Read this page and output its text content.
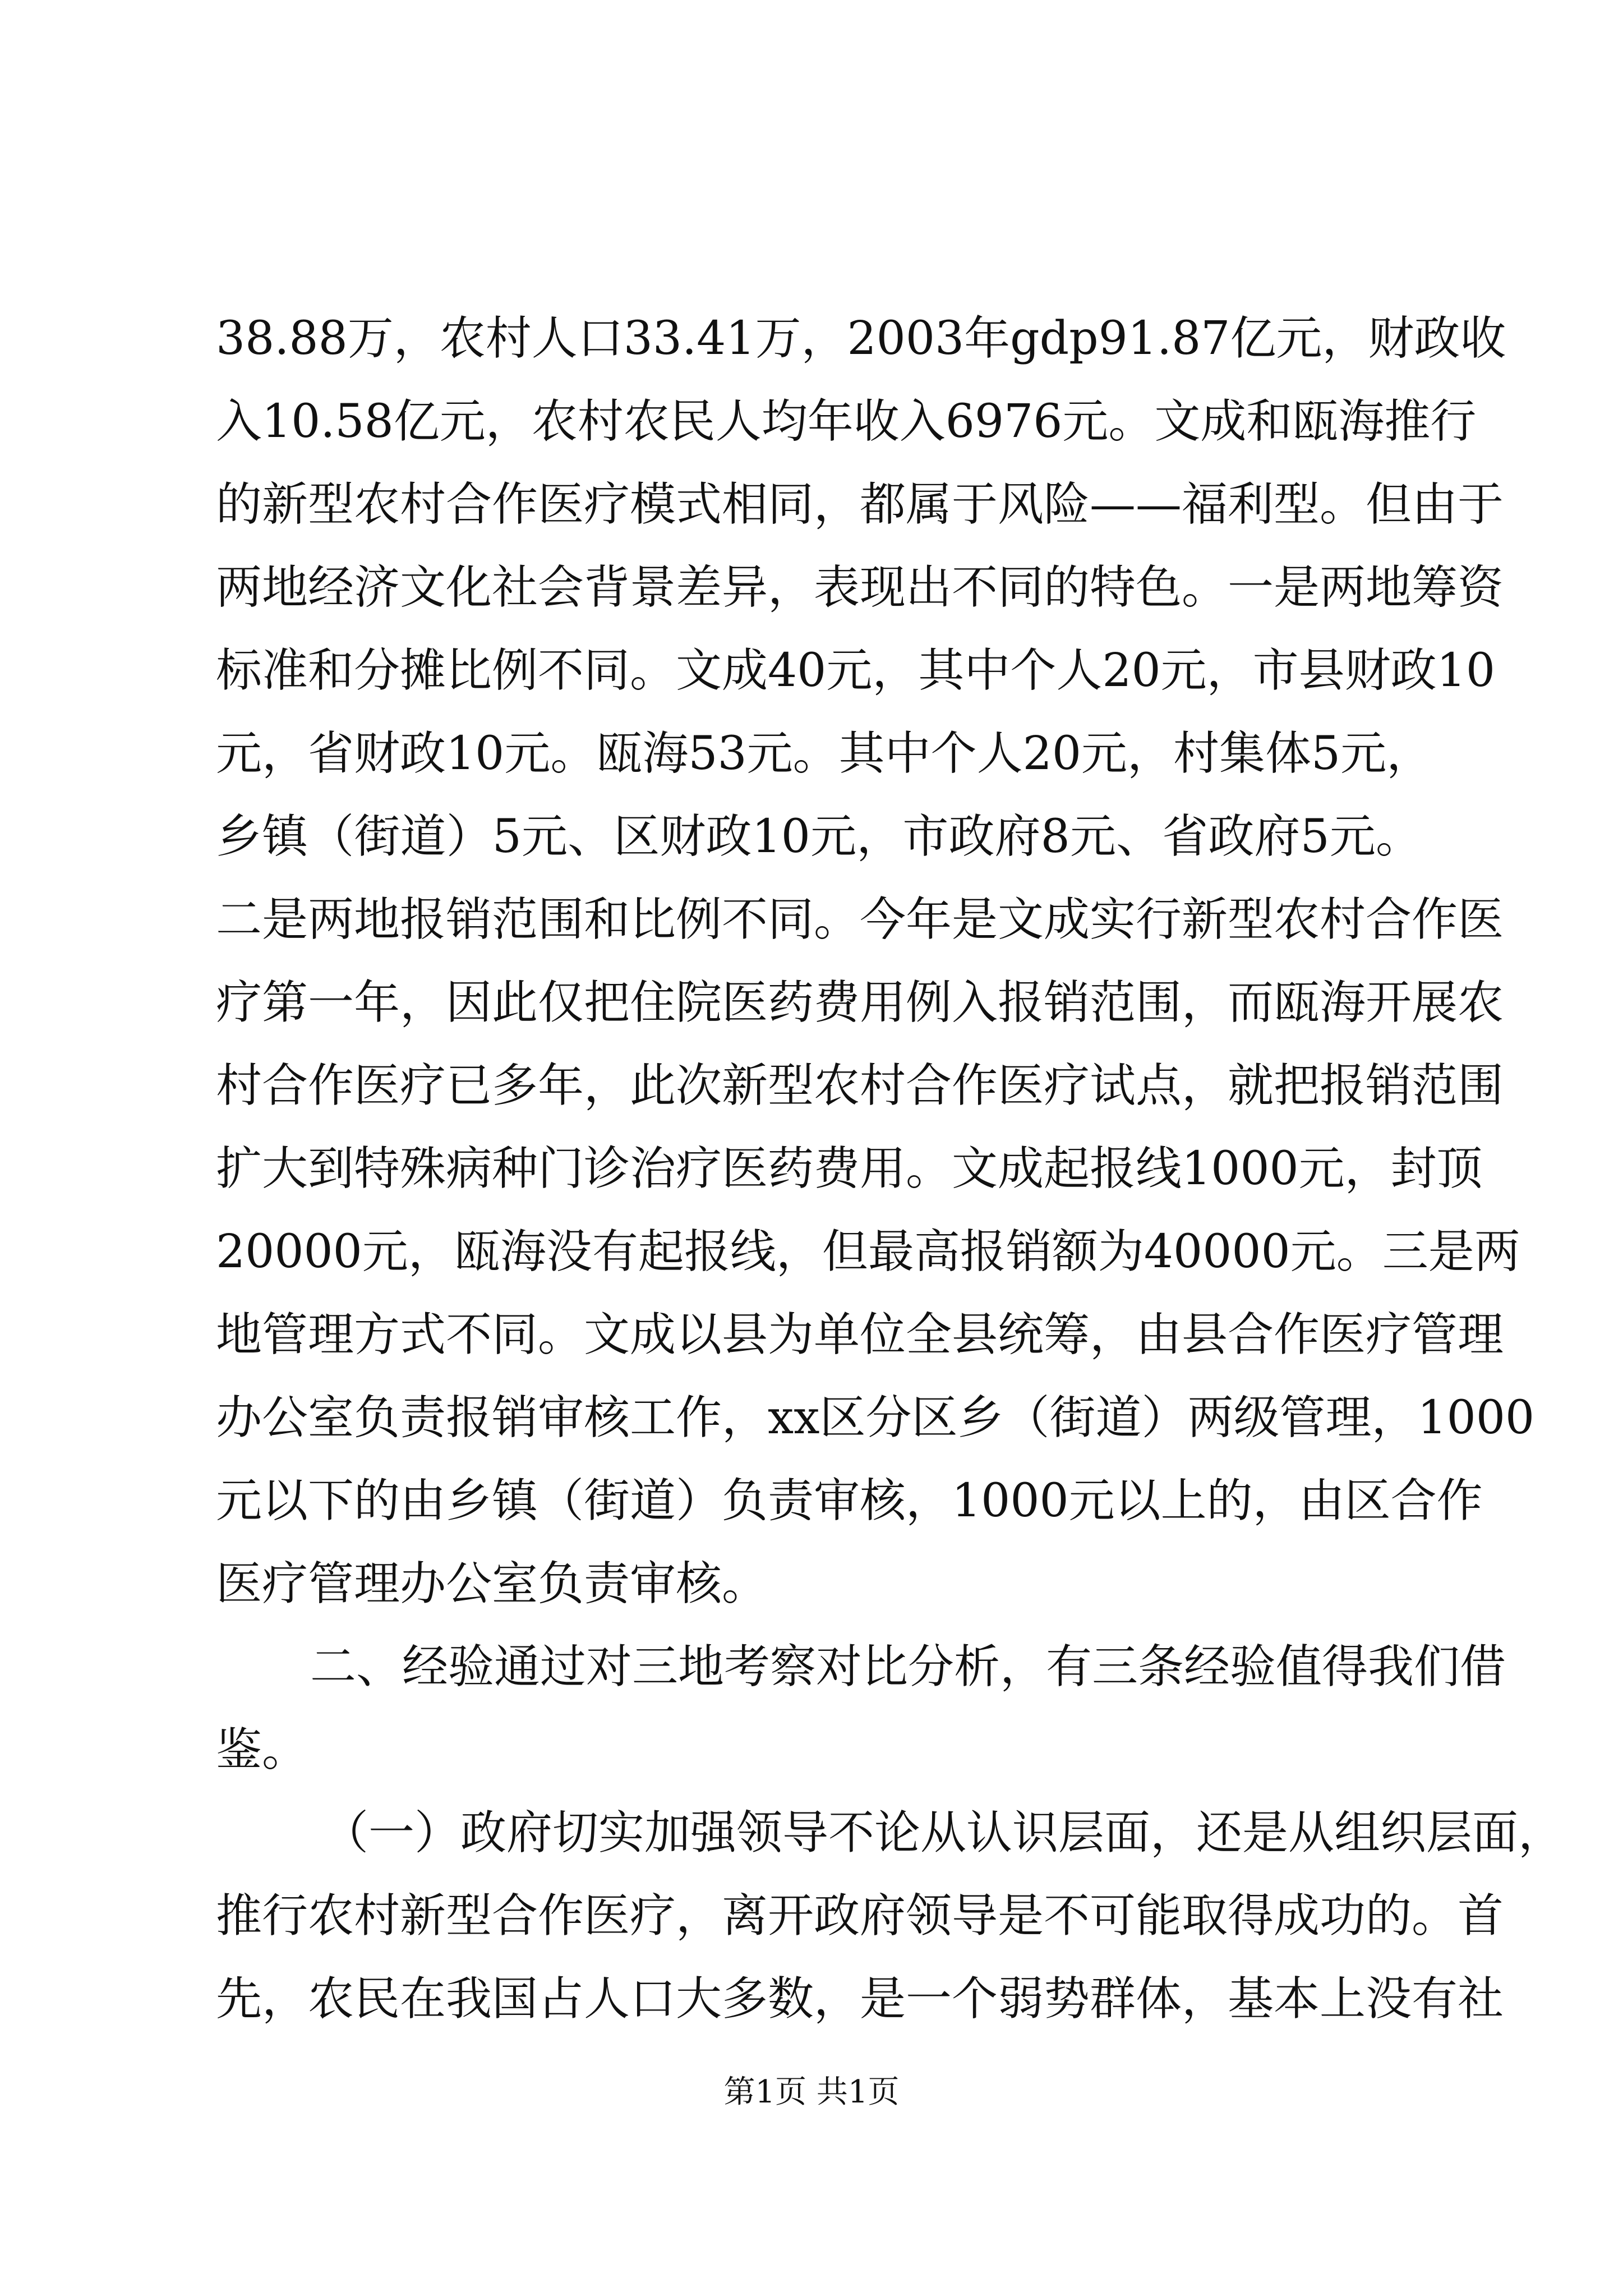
38.88万，农村人口33.41万，2003年gdp91.87亿元，财政收
入10.58亿元，农村农民人均年收入6976元。文成和瓯海推行
的新型农村合作医疗模式相同，都属于风险——福利型。但由于
两地经济文化社会背景差异，表现出不同的特色。一是两地筹资
标准和分摊比例不同。文成40元，其中个人20元，市县财政10
元，省财政10元。瓯海53元。其中个人20元，村集体5元，
乡镇（街道）5元、区财政10元，市政府8元、省政府5元。
二是两地报销范围和比例不同。今年是文成实行新型农村合作医
疗第一年，因此仅把住院医药费用例入报销范围，而瓯海开展农
村合作医疗已多年，此次新型农村合作医疗试点，就把报销范围
扩大到特殊病种门诊治疗医药费用。文成起报线1000元，封顶
20000元，瓯海没有起报线，但最高报销额为40000元。三是两
地管理方式不同。文成以县为单位全县统筹，由县合作医疗管理
办公室负责报销审核工作，xx区分区乡（街道）两级管理，1000
元以下的由乡镇（街道）负责审核，1000元以上的，由区合作
医疗管理办公室负责审核。
二、经验通过对三地考察对比分析，有三条经验值得我们借
鉴。
（一）政府切实加强领导不论从认识层面，还是从组织层面，
推行农村新型合作医疗，离开政府领导是不可能取得成功的。首
先，农民在我国占人口大多数，是一个弱势群体，基本上没有社
第1页 共1页
